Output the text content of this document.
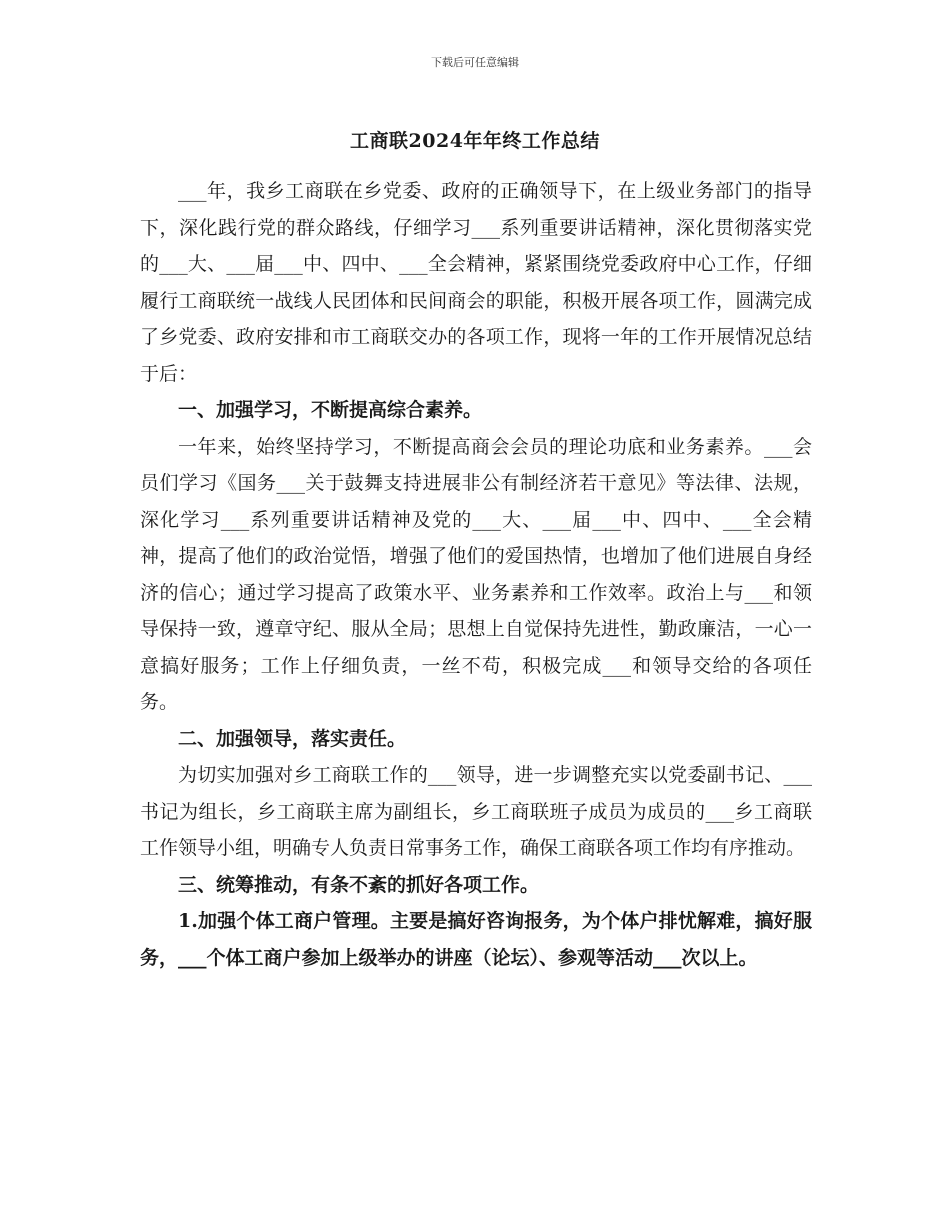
下载后可任意编辑
工商联2024年年终工作总结

___年，我乡工商联在乡党委、政府的正确领导下，在上级业务部门的指导下，深化践行党的群众路线，仔细学习___系列重要讲话精神，深化贯彻落实党的___大、___届___中、四中、___全会精神，紧紧围绕党委政府中心工作，仔细履行工商联统一战线人民团体和民间商会的职能，积极开展各项工作，圆满完成了乡党委、政府安排和市工商联交办的各项工作，现将一年的工作开展情况总结于后：

一、加强学习，不断提高综合素养。

一年来，始终坚持学习，不断提高商会会员的理论功底和业务素养。___会员们学习《国务___关于鼓舞支持进展非公有制经济若干意见》等法律、法规，深化学习___系列重要讲话精神及党的___大、___届___中、四中、___全会精神，提高了他们的政治觉悟，增强了他们的爱国热情，也增加了他们进展自身经济的信心；通过学习提高了政策水平、业务素养和工作效率。政治上与___和领导保持一致，遵章守纪、服从全局；思想上自觉保持先进性，勤政廉洁，一心一意搞好服务；工作上仔细负责，一丝不苟，积极完成___和领导交给的各项任务。

二、加强领导，落实责任。

为切实加强对乡工商联工作的___领导，进一步调整充实以党委副书记、___书记为组长，乡工商联主席为副组长，乡工商联班子成员为成员的___乡工商联工作领导小组，明确专人负责日常事务工作，确保工商联各项工作均有序推动。

三、统筹推动，有条不紊的抓好各项工作。

1.加强个体工商户管理。主要是搞好咨询报务，为个体户排忧解难，搞好服务，___个体工商户参加上级举办的讲座（论坛）、参观等活动___次以上。
